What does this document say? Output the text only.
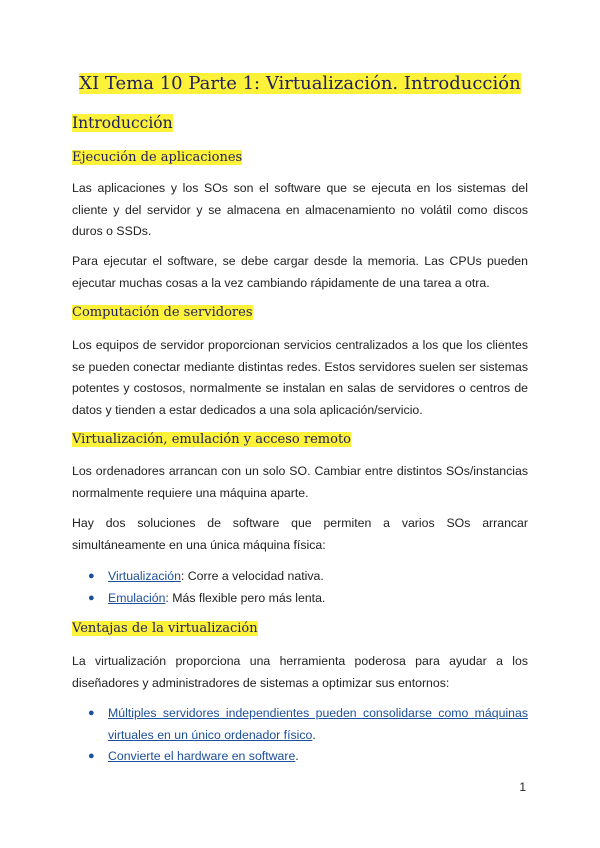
XI Tema 10 Parte 1: Virtualización. Introducción
Introducción
Ejecución de aplicaciones

Las aplicaciones y los SOs son el software que se ejecuta en los sistemas del cliente y del servidor y se almacena en almacenamiento no volátil como discos duros o SSDs.

Para ejecutar el software, se debe cargar desde la memoria. Las CPUs pueden ejecutar muchas cosas a la vez cambiando rápidamente de una tarea a otra.

Computación de servidores

Los equipos de servidor proporcionan servicios centralizados a los que los clientes se pueden conectar mediante distintas redes. Estos servidores suelen ser sistemas potentes y costosos, normalmente se instalan en salas de servidores o centros de datos y tienden a estar dedicados a una sola aplicación/servicio.

Virtualización, emulación y acceso remoto

Los ordenadores arrancan con un solo SO. Cambiar entre distintos SOs/instancias normalmente requiere una máquina aparte.

Hay dos soluciones de software que permiten a varios SOs arrancar simultáneamente en una única máquina física:

● Virtualización: Corre a velocidad nativa.
● Emulación: Más flexible pero más lenta.
Ventajas de la virtualización

La virtualización proporciona una herramienta poderosa para ayudar a los diseñadores y administradores de sistemas a optimizar sus entornos:

● Múltiples servidores independientes pueden consolidarse como máquinas virtuales en un único ordenador físico.
● Convierte el hardware en software.
1
